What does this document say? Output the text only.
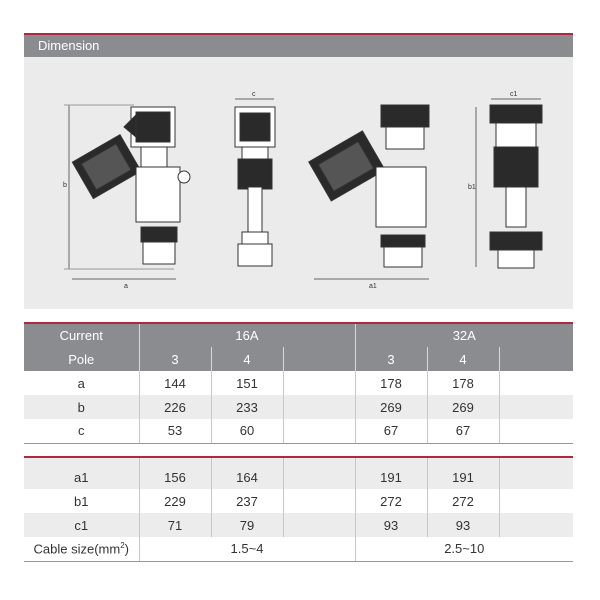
Dimension
b
a
c
a1
b1
c1
Current	16A			32A		
Pole	3	4		3	4	
a	144	151		178	178	
b	226	233		269	269	
c	53	60		67	67	

a1	156	164		191	191	
b1	229	237		272	272	
c1	71	79		93	93	
Cable $size(mm^2)$	1.5~4			2.5~10		
